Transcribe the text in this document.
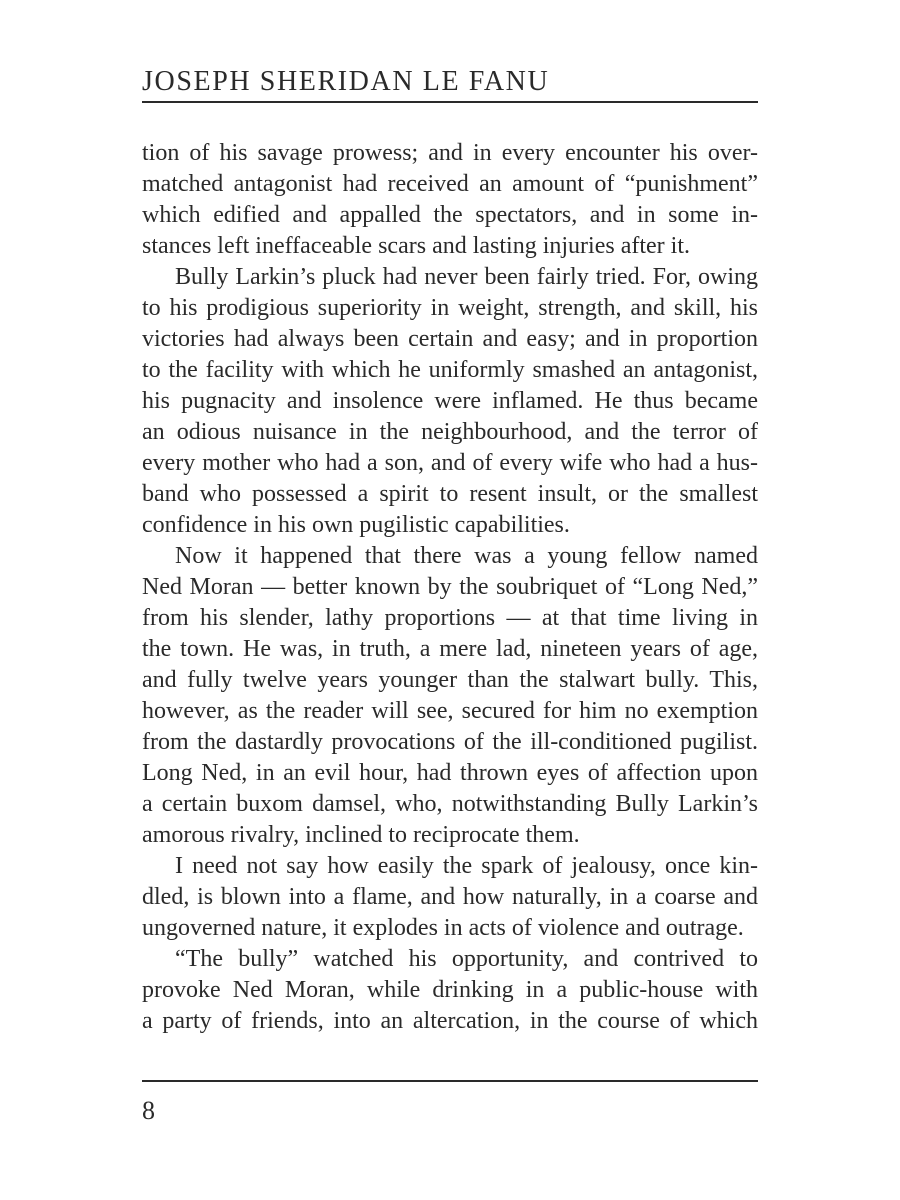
JOSEPH SHERIDAN LE FANU
tion of his savage prowess; and in every encounter his over-
matched antagonist had received an amount of “punishment”
which edified and appalled the spectators, and in some in-
stances left ineffaceable scars and lasting injuries after it.
Bully Larkin’s pluck had never been fairly tried. For, owing
to his prodigious superiority in weight, strength, and skill, his
victories had always been certain and easy; and in proportion
to the facility with which he uniformly smashed an antagonist,
his pugnacity and insolence were inflamed. He thus became
an odious nuisance in the neighbourhood, and the terror of
every mother who had a son, and of every wife who had a hus-
band who possessed a spirit to resent insult, or the smallest
confidence in his own pugilistic capabilities.
Now it happened that there was a young fellow named
Ned Moran — better known by the soubriquet of “Long Ned,”
from his slender, lathy proportions — at that time living in
the town. He was, in truth, a mere lad, nineteen years of age,
and fully twelve years younger than the stalwart bully. This,
however, as the reader will see, secured for him no exemption
from the dastardly provocations of the ill-conditioned pugilist.
Long Ned, in an evil hour, had thrown eyes of affection upon
a certain buxom damsel, who, notwithstanding Bully Larkin’s
amorous rivalry, inclined to reciprocate them.
I need not say how easily the spark of jealousy, once kin-
dled, is blown into a flame, and how naturally, in a coarse and
ungoverned nature, it explodes in acts of violence and outrage.
“The bully” watched his opportunity, and contrived to
provoke Ned Moran, while drinking in a public-house with
a party of friends, into an altercation, in the course of which
8
